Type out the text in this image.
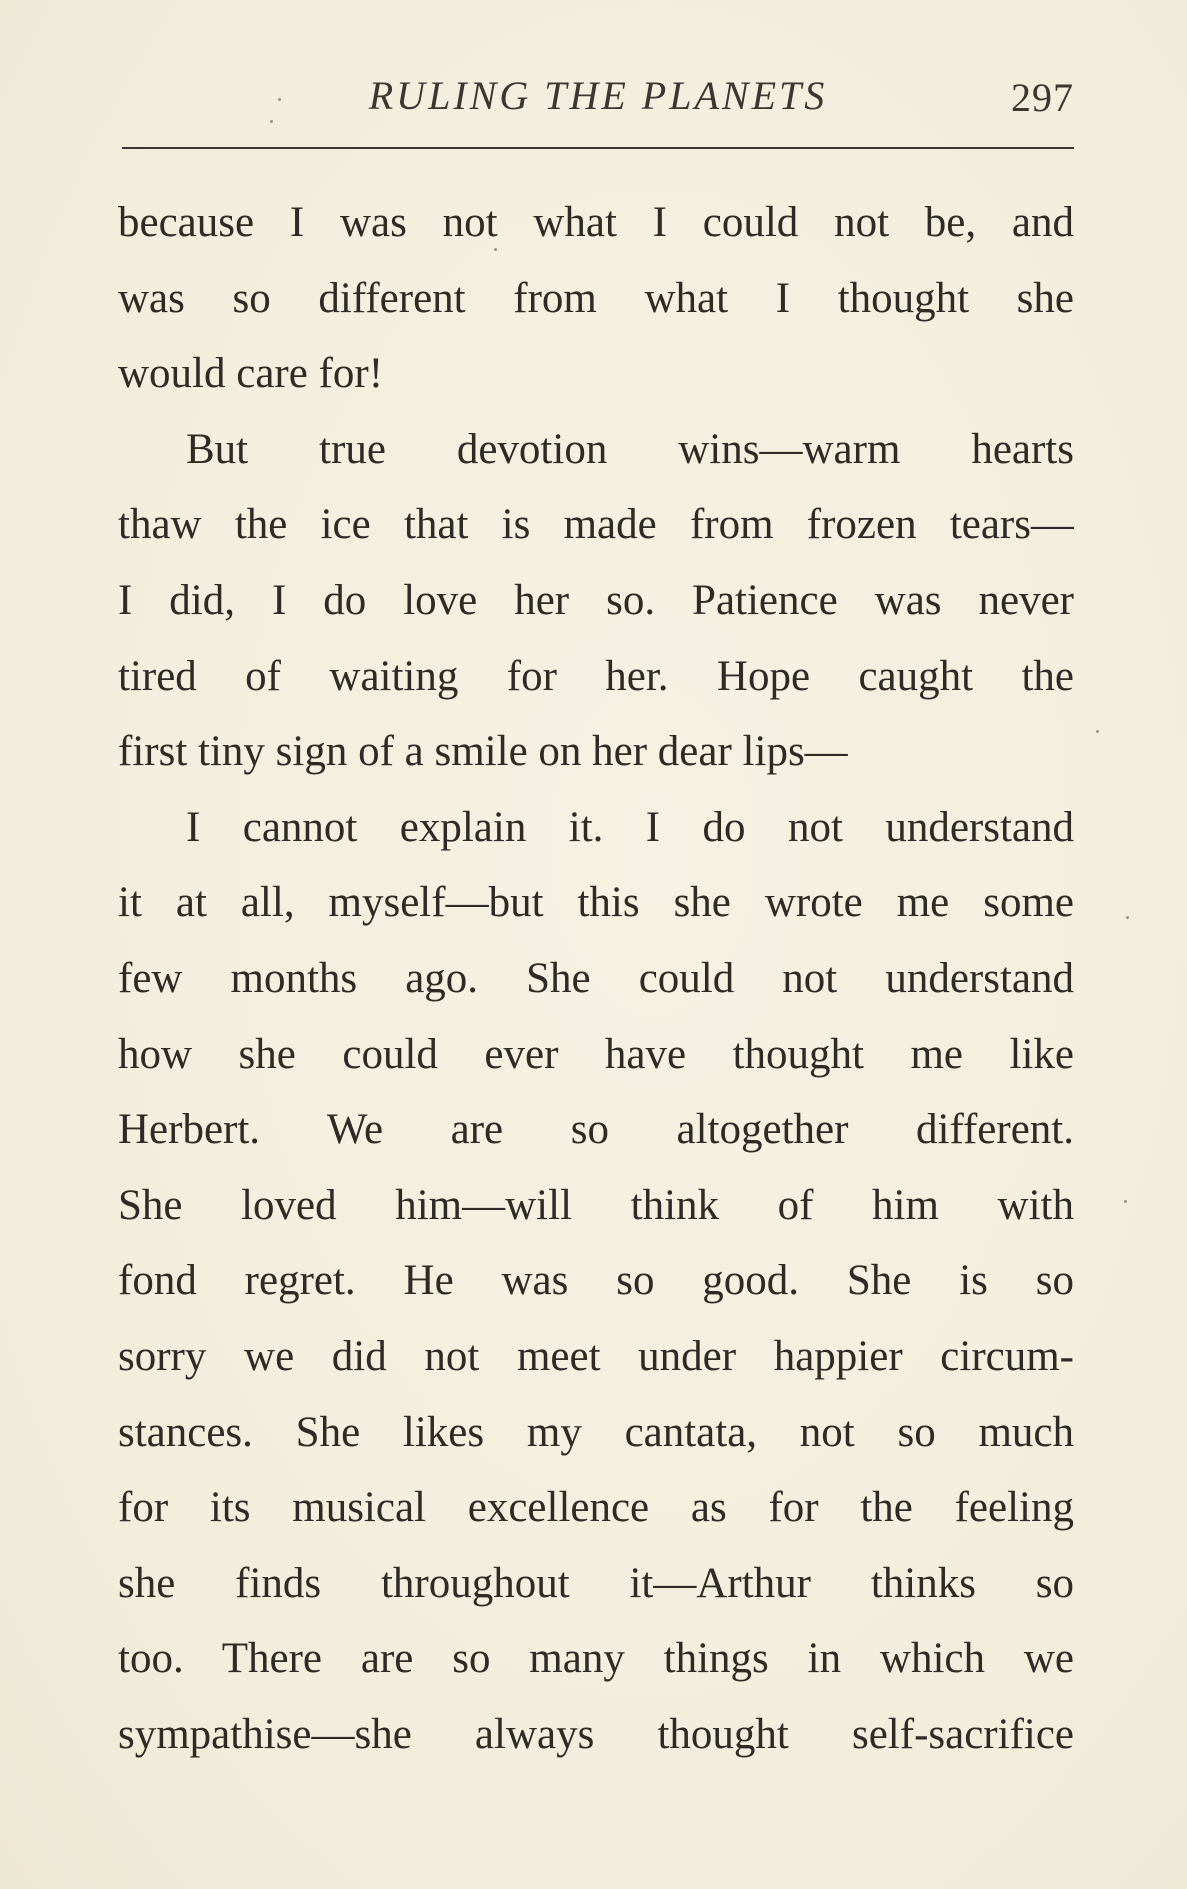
RULING THE PLANETS	297
because I was not what I could not be, and
was so different from what I thought she
would care for!
But true devotion wins—warm hearts
thaw the ice that is made from frozen tears—
I did, I do love her so. Patience was never
tired of waiting for her. Hope caught the
first tiny sign of a smile on her dear lips—
I cannot explain it. I do not understand
it at all, myself—but this she wrote me some
few months ago. She could not understand
how she could ever have thought me like
Herbert. We are so altogether different.
She loved him—will think of him with
fond regret. He was so good. She is so
sorry we did not meet under happier circum-
stances. She likes my cantata, not so much
for its musical excellence as for the feeling
she finds throughout it—Arthur thinks so
too. There are so many things in which we
sympathise—she always thought self-sacrifice
